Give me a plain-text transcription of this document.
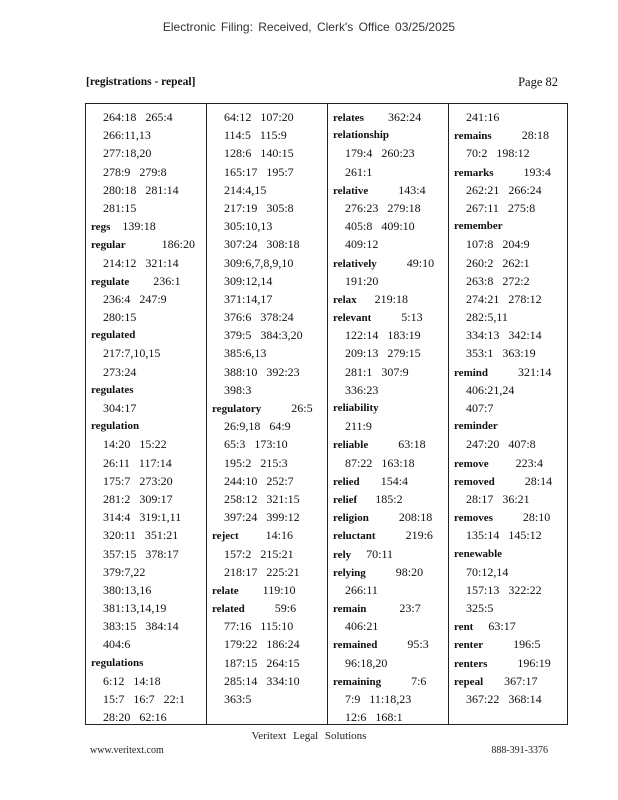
Electronic Filing: Received, Clerk's Office 03/25/2025
[registrations - repeal]	Page 82
264:18   265:4
266:11,13
277:18,20
278:9   279:8
280:18   281:14
281:15
regs    139:18
regular            186:20
214:12   321:14
regulate        236:1
236:4   247:9
280:15
regulated
217:7,10,15
273:24
regulates
304:17
regulation
14:20   15:22
26:11   117:14
175:7   273:20
281:2   309:17
314:4   319:1,11
320:11   351:21
357:15   378:17
379:7,22
380:13,16
381:13,14,19
383:15   384:14
404:6
regulations
6:12   14:18
15:7   16:7   22:1
28:20   62:16
64:12   107:20
114:5   115:9
128:6   140:15
165:17   195:7
214:4,15
217:19   305:8
305:10,13
307:24   308:18
309:6,7,8,9,10
309:12,14
371:14,17
376:6   378:24
379:5   384:3,20
385:6,13
388:10   392:23
398:3
regulatory          26:5
26:9,18   64:9
65:3   173:10
195:2   215:3
244:10   252:7
258:12   321:15
397:24   399:12
reject         14:16
157:2   215:21
218:17   225:21
relate        119:10
related          59:6
77:16   115:10
179:22   186:24
187:15   264:15
285:14   334:10
363:5
relates        362:24
relationship
179:4   260:23
261:1
relative          143:4
276:23   279:18
405:8   409:10
409:12
relatively          49:10
191:20
relax      219:18
relevant          5:13
122:14   183:19
209:13   279:15
281:1   307:9
336:23
reliability
211:9
reliable          63:18
87:22   163:18
relied       154:4
relief      185:2
religion          208:18
reluctant          219:6
rely     70:11
relying          98:20
266:11
remain           23:7
406:21
remained          95:3
96:18,20
remaining          7:6
7:9   11:18,23
12:6   168:1
241:16
remains          28:18
70:2   198:12
remarks          193:4
262:21   266:24
267:11   275:8
remember
107:8   204:9
260:2   262:1
263:8   272:2
274:21   278:12
282:5,11
334:13   342:14
353:1   363:19
remind          321:14
406:21,24
407:7
reminder
247:20   407:8
remove         223:4
removed          28:14
28:17   36:21
removes          28:10
135:14   145:12
renewable
70:12,14
157:13   322:22
325:5
rent     63:17
renter          196:5
renters          196:19
repeal       367:17
367:22   368:14
Veritext Legal Solutions
www.veritext.com	888-391-3376
